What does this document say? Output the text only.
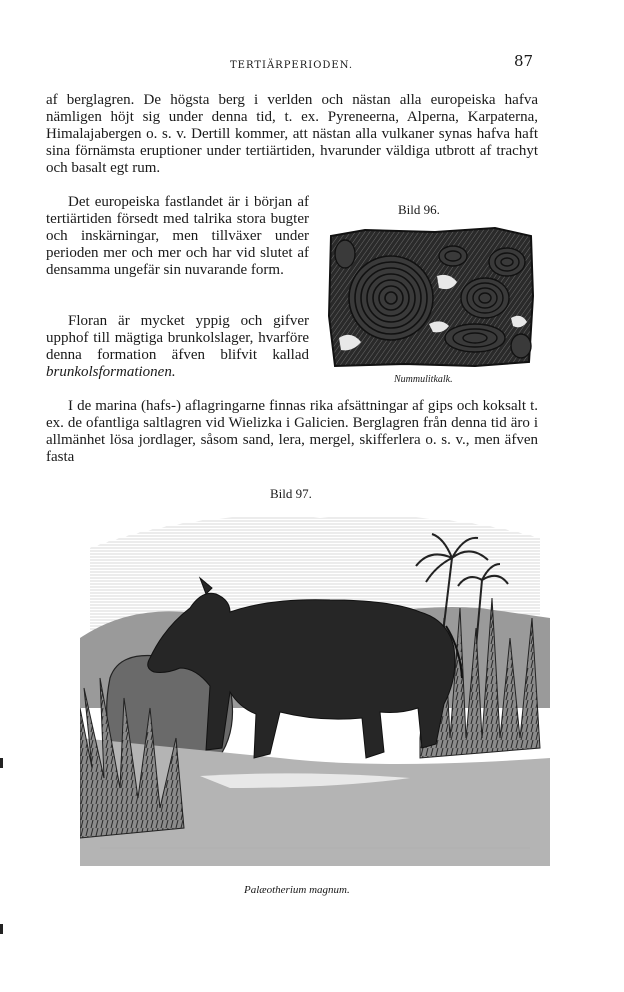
TERTIÄRPERIODEN.	87

af berglagren. De högsta berg i verlden och nästan alla europeiska hafva nämligen höjt sig under denna tid, t. ex. Pyreneerna, Alperna, Karpaterna, Himalajabergen o. s. v. Dertill kommer, att nästan alla vulkaner synas hafva haft sina förnämsta eruptioner under tertiärtiden, hvarunder väldiga utbrott af trachyt och basalt egt rum.

Det europeiska fastlandet är i början af tertiärtiden försedt med talrika stora bugter och inskärningar, men tillväxer under perioden mer och mer och har vid slutet af densamma ungefär sin nuvarande form.

Floran är mycket yppig och gifver upphof till mägtiga brunkolslager, hvarföre denna formation äfven blifvit kallad brunkolsformationen.

Bild 96.
Nummulitkalk.

I de marina (hafs-) aflagringarne finnas rika afsättningar af gips och koksalt t. ex. de ofantliga saltlagren vid Wielizka i Galicien. Berglagren från denna tid äro i allmänhet lösa jordlager, såsom sand, lera, mergel, skifferlera o. s. v., men äfven fasta

Bild 97.
Palæotherium magnum.
